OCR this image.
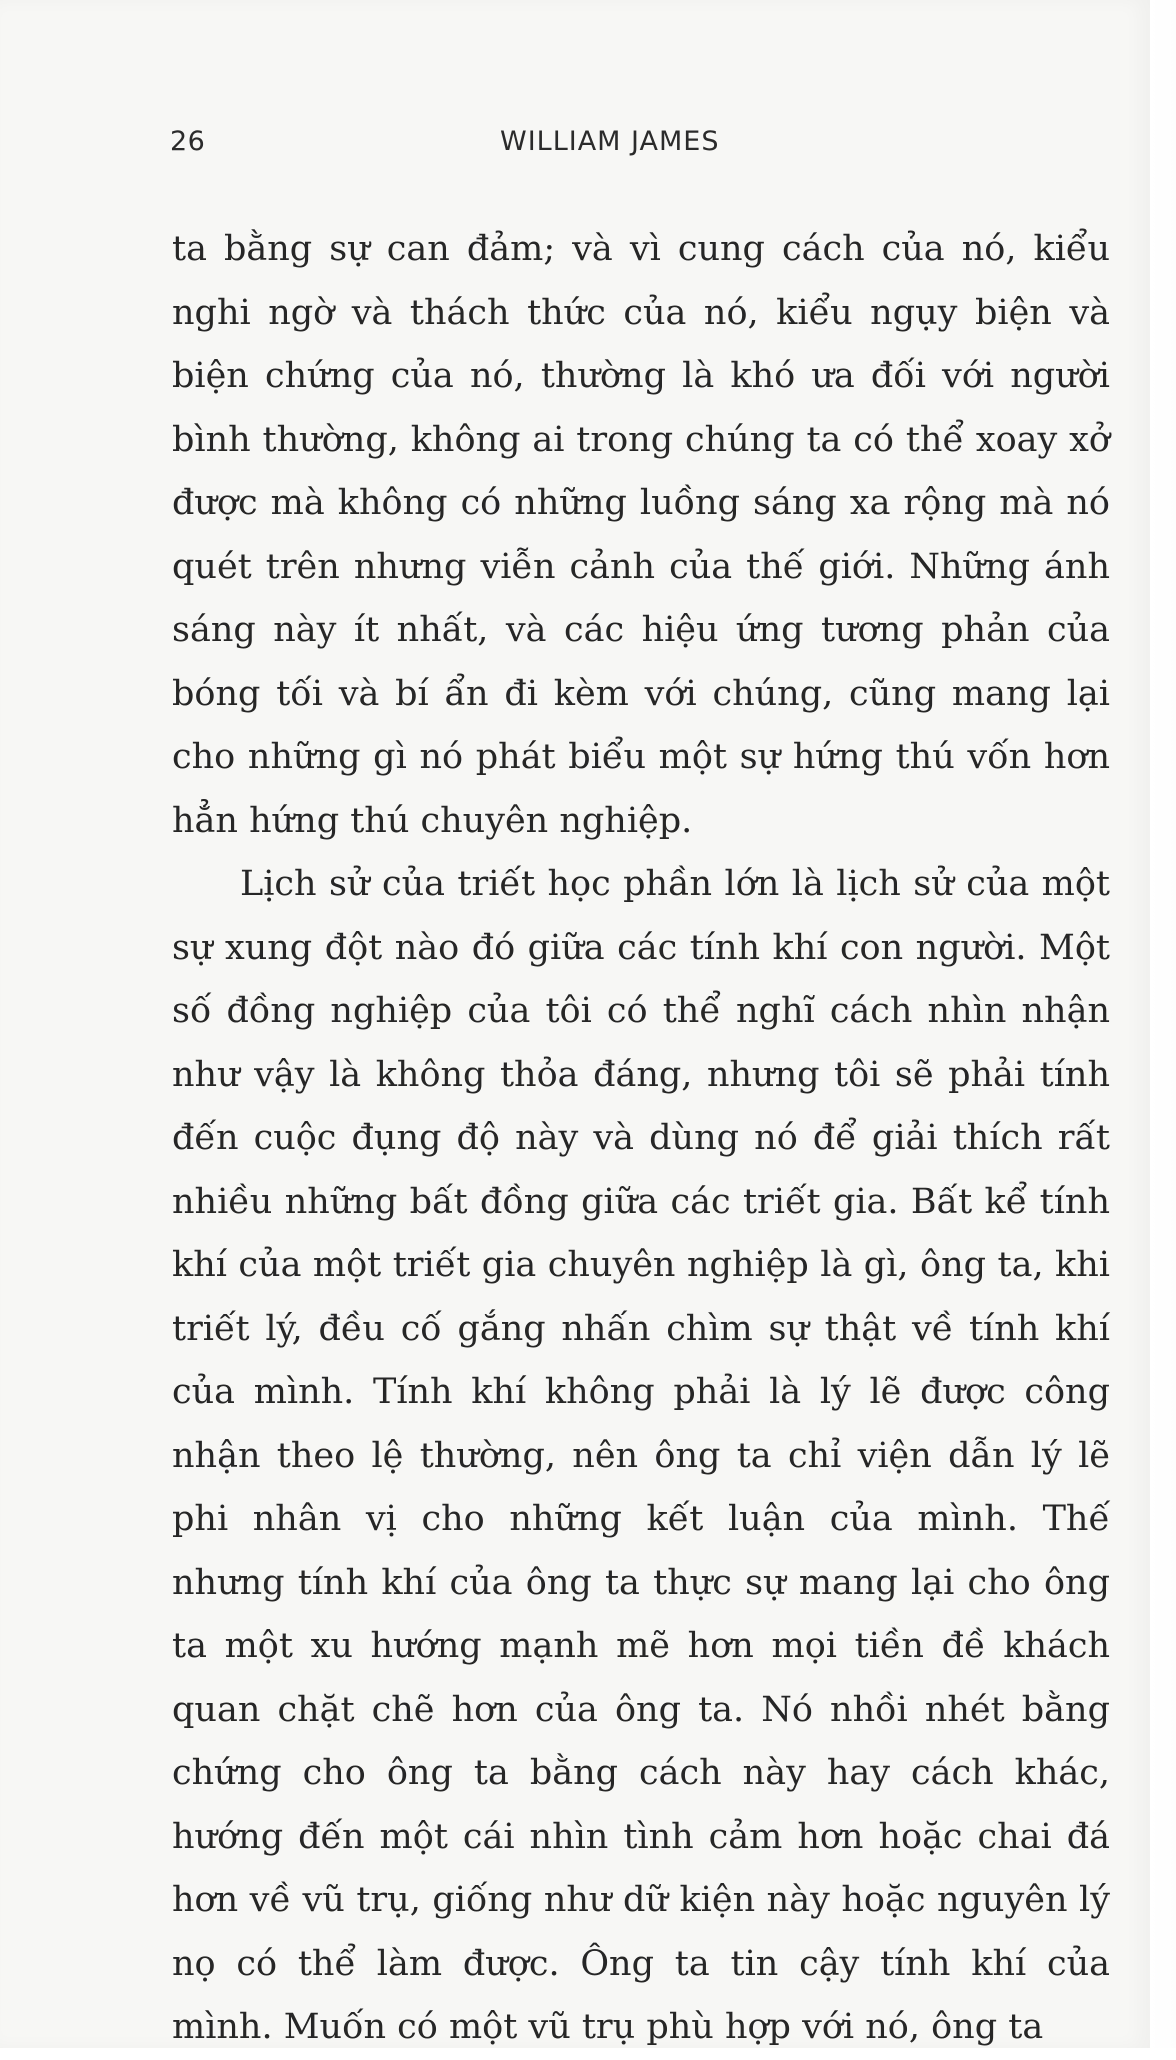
26	WILLIAM JAMES

ta bằng sự can đảm; và vì cung cách của nó, kiểu nghi ngờ và thách thức của nó, kiểu ngụy biện và biện chứng của nó, thường là khó ưa đối với người bình thường, không ai trong chúng ta có thể xoay xở được mà không có những luồng sáng xa rộng mà nó quét trên nhưng viễn cảnh của thế giới. Những ánh sáng này ít nhất, và các hiệu ứng tương phản của bóng tối và bí ẩn đi kèm với chúng, cũng mang lại cho những gì nó phát biểu một sự hứng thú vốn hơn hẳn hứng thú chuyên nghiệp.

Lịch sử của triết học phần lớn là lịch sử của một sự xung đột nào đó giữa các tính khí con người. Một số đồng nghiệp của tôi có thể nghĩ cách nhìn nhận như vậy là không thỏa đáng, nhưng tôi sẽ phải tính đến cuộc đụng độ này và dùng nó để giải thích rất nhiều những bất đồng giữa các triết gia. Bất kể tính khí của một triết gia chuyên nghiệp là gì, ông ta, khi triết lý, đều cố gắng nhấn chìm sự thật về tính khí của mình. Tính khí không phải là lý lẽ được công nhận theo lệ thường, nên ông ta chỉ viện dẫn lý lẽ phi nhân vị cho những kết luận của mình. Thế nhưng tính khí của ông ta thực sự mang lại cho ông ta một xu hướng mạnh mẽ hơn mọi tiền đề khách quan chặt chẽ hơn của ông ta. Nó nhồi nhét bằng chứng cho ông ta bằng cách này hay cách khác, hướng đến một cái nhìn tình cảm hơn hoặc chai đá hơn về vũ trụ, giống như dữ kiện này hoặc nguyên lý nọ có thể làm được. Ông ta tin cậy tính khí của mình. Muốn có một vũ trụ phù hợp với nó, ông ta
